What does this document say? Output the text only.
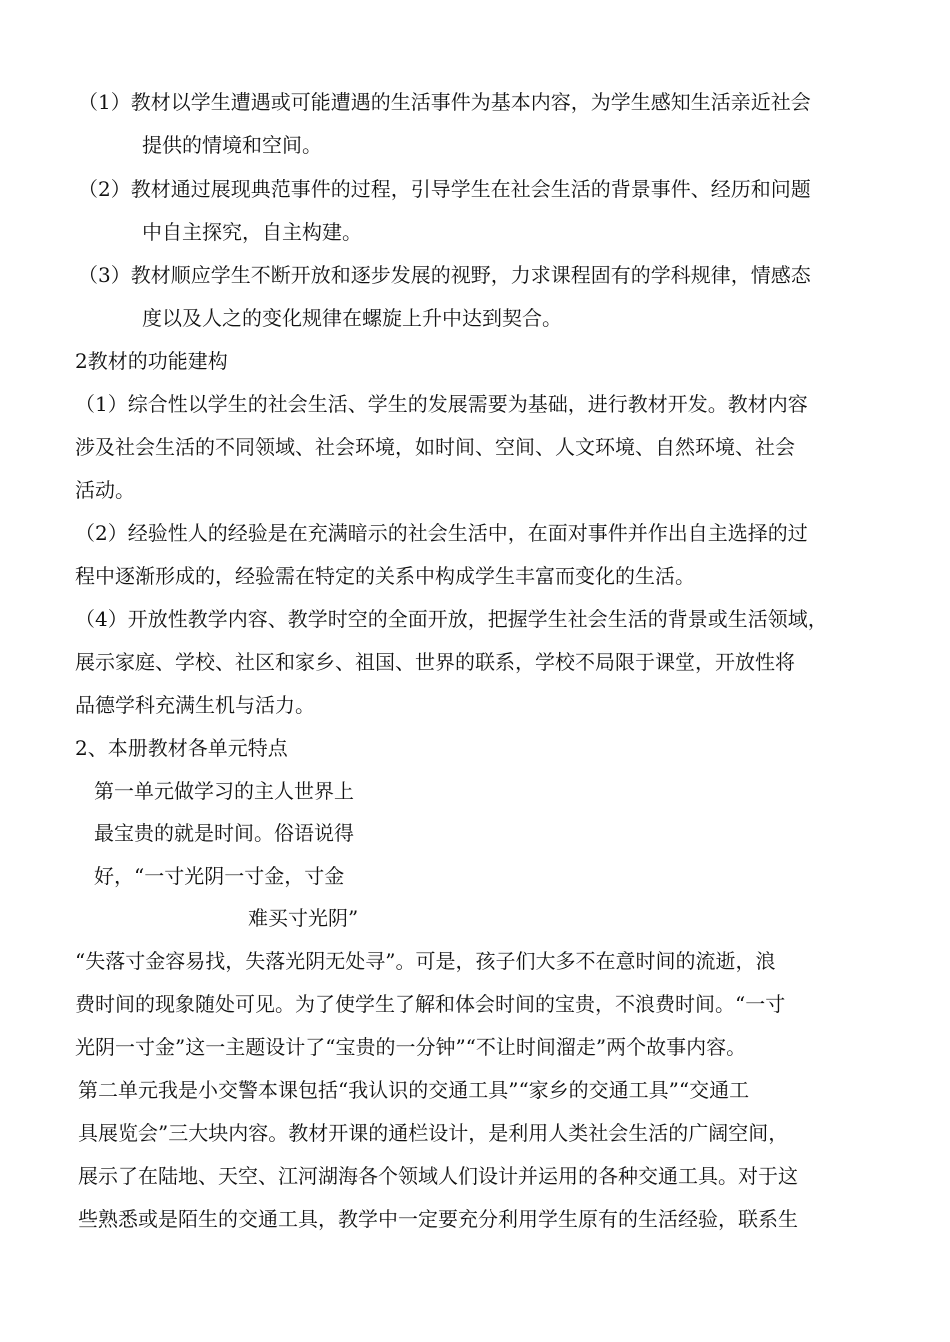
（1）教材以学生遭遇或可能遭遇的生活事件为基本内容，为学生感知生活亲近社会
提供的情境和空间。
（2）教材通过展现典范事件的过程，引导学生在社会生活的背景事件、经历和问题
中自主探究，自主构建。
（3）教材顺应学生不断开放和逐步发展的视野，力求课程固有的学科规律，情感态
度以及人之的变化规律在螺旋上升中达到契合。
2教材的功能建构
（1）综合性以学生的社会生活、学生的发展需要为基础，进行教材开发。教材内容
涉及社会生活的不同领域、社会环境，如时间、空间、人文环境、自然环境、社会
活动。
（2）经验性人的经验是在充满暗示的社会生活中，在面对事件并作出自主选择的过
程中逐渐形成的，经验需在特定的关系中构成学生丰富而变化的生活。
（4）开放性教学内容、教学时空的全面开放，把握学生社会生活的背景或生活领域，
展示家庭、学校、社区和家乡、祖国、世界的联系，学校不局限于课堂，开放性将
品德学科充满生机与活力。
2、本册教材各单元特点
第一单元做学习的主人世界上
最宝贵的就是时间。俗语说得
好，“一寸光阴一寸金，寸金
难买寸光阴”
“失落寸金容易找，失落光阴无处寻”。可是，孩子们大多不在意时间的流逝，浪
费时间的现象随处可见。为了使学生了解和体会时间的宝贵，不浪费时间。“一寸
光阴一寸金”这一主题设计了“宝贵的一分钟”“不让时间溜走”两个故事内容。
第二单元我是小交警本课包括“我认识的交通工具”“家乡的交通工具”“交通工
具展览会”三大块内容。教材开课的通栏设计，是利用人类社会生活的广阔空间，
展示了在陆地、天空、江河湖海各个领域人们设计并运用的各种交通工具。对于这
些熟悉或是陌生的交通工具，教学中一定要充分利用学生原有的生活经验，联系生
